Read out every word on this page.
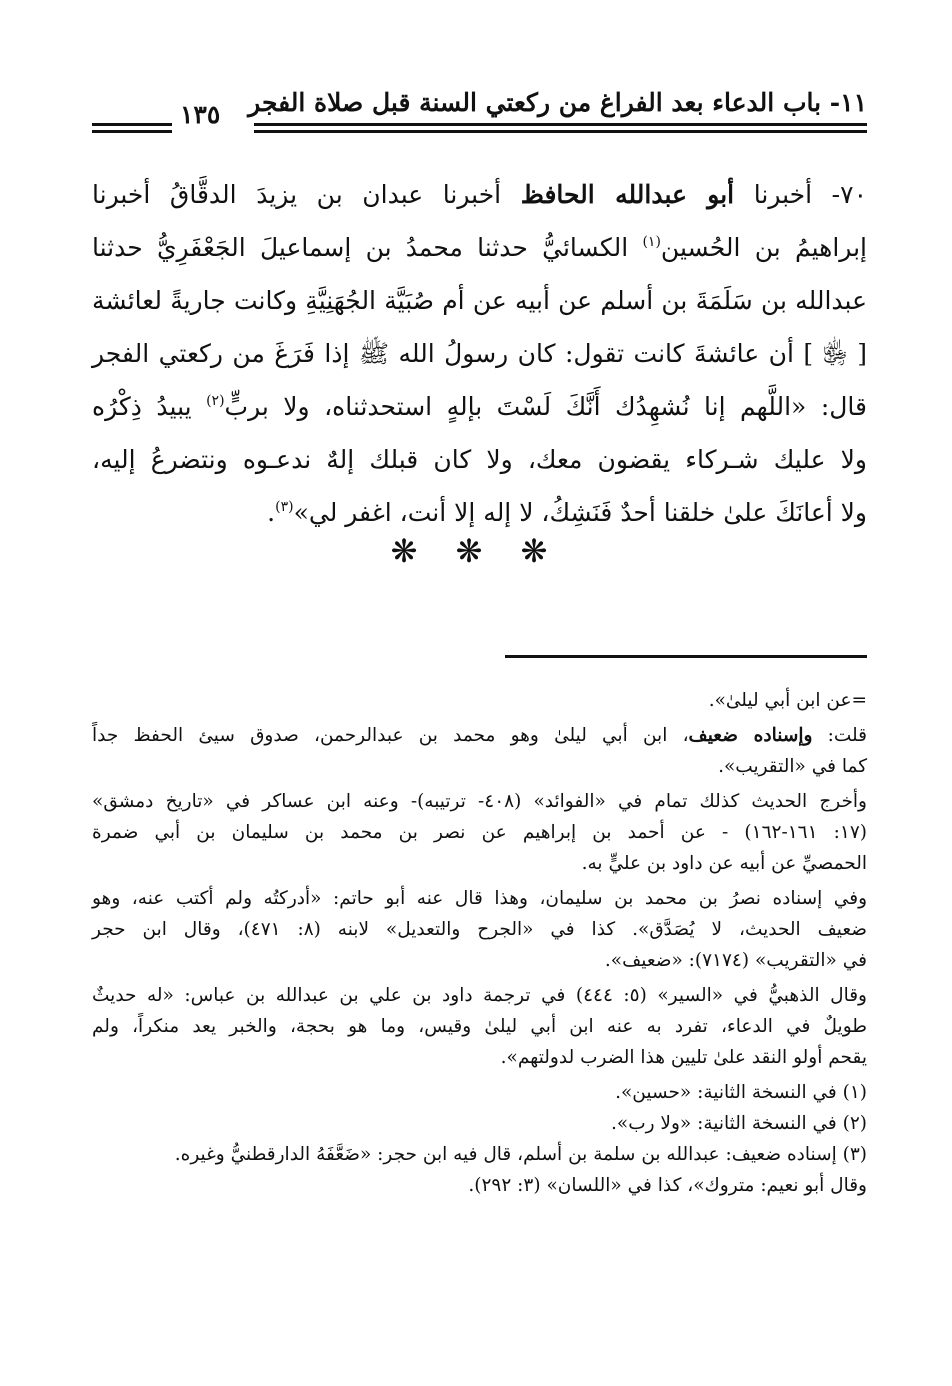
١١- باب الدعاء بعد الفراغ من ركعتي السنة قبل صلاة الفجر
١٣٥
٧٠- أخبرنا أبو عبدالله الحافظ أخبرنا عبدان بن يزيدَ الدقَّاقُ أخبرنا
إبراهيمُ بن الحُسين$^{(١)}$ الكسائيُّ حدثنا محمدُ بن إسماعيلَ الجَعْفَرِيُّ حدثنا
عبدالله بن سَلَمَةَ بن أسلم عن أبيه عن أم صُبَيَّة الجُهَنِيَّةِ وكانت جاريةً لعائشة
[ ﵂ ] أن عائشةَ كانت تقول: كان رسولُ الله ﷺ إذا فَرَغَ من ركعتي الفجر
قال: «اللَّهم إنا نُشهِدُك أَنَّكَ لَسْتَ بإلهٍ استحدثناه، ولا بربٍّ$^{(٢)}$ يبيدُ ذِكْرُه
ولا عليك شـركاء يقضون معك، ولا كان قبلك إلهٌ ندعـوه ونتضرعُ إليه،
ولا أعانَكَ علىٰ خلقنا أحدٌ فَنَشِكُ، لا إله إلا أنت، اغفر لي»$^{(٣)}$.
❋ ❋ ❋
=عن ابن أبي ليلىٰ».
قلت: وإسناده ضعيف، ابن أبي ليلىٰ وهو محمد بن عبدالرحمن، صدوق سيئ الحفظ جداً
كما في «التقريب».
وأخرج الحديث كذلك تمام في «الفوائد» (٤٠٨- ترتيبه)- وعنه ابن عساكر في «تاريخ دمشق»
(١٧: ١٦١-١٦٢) - عن أحمد بن إبراهيم عن نصر بن محمد بن سليمان بن أبي ضمرة
الحمصيِّ عن أبيه عن داود بن عليٍّ به.
وفي إسناده نصرُ بن محمد بن سليمان، وهذا قال عنه أبو حاتم: «أدركتُه ولم أكتب عنه، وهو
ضعيف الحديث، لا يُصَدَّق». كذا في «الجرح والتعديل» لابنه (٨: ٤٧١)، وقال ابن حجر
في «التقريب» (٧١٧٤): «ضعيف».
وقال الذهبيُّ في «السير» (٥: ٤٤٤) في ترجمة داود بن علي بن عبدالله بن عباس: «له حديثٌ
طويلٌ في الدعاء، تفرد به عنه ابن أبي ليلىٰ وقيس، وما هو بحجة، والخبر يعد منكراً، ولم
يقحم أولو النقد علىٰ تليين هذا الضرب لدولتهم».
(١) في النسخة الثانية: «حسين».
(٢) في النسخة الثانية: «ولا رب».
(٣) إسناده ضعيف: عبدالله بن سلمة بن أسلم، قال فيه ابن حجر: «ضَعَّفَهُ الدارقطنيُّ وغيره.
وقال أبو نعيم: متروك»، كذا في «اللسان» (٣: ٢٩٢).
